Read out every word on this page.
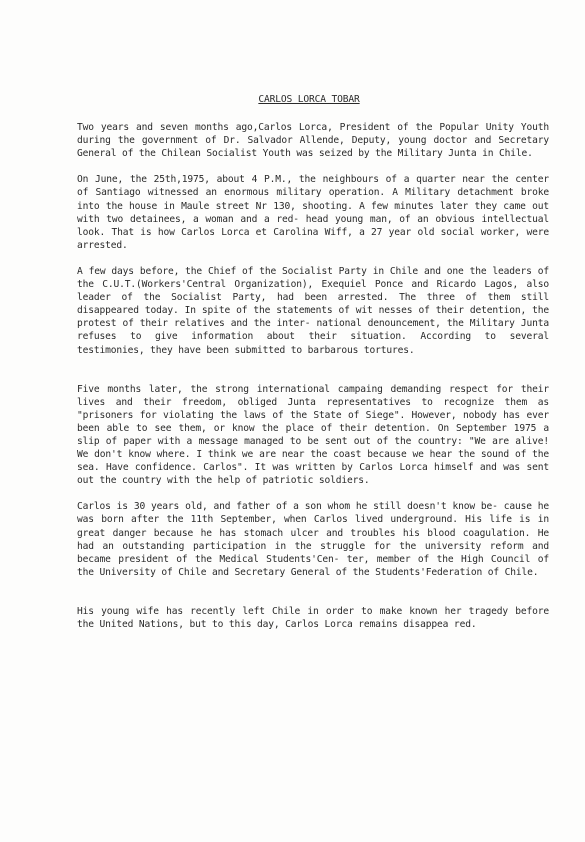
CARLOS LORCA TOBAR

Two years and seven months ago,Carlos Lorca, President of the Popular Unity Youth during the government of Dr. Salvador Allende, Deputy, young doctor and Secretary General of the Chilean Socialist Youth was seized by the Military Junta in Chile.

On June, the 25th,1975, about 4 P.M., the neighbours of a quarter near the center of Santiago witnessed an enormous military operation. A Military detachment broke into the house in Maule street Nr 130, shooting. A few minutes later they came out with two detainees, a woman and a red- head young man, of an obvious intellectual look. That is how Carlos Lorca et Carolina Wiff, a 27 year old social worker, were arrested.

A few days before, the Chief of the Socialist Party in Chile and one the leaders of the C.U.T.(Workers'Central Organization), Exequiel Ponce and Ricardo Lagos, also leader of the Socialist Party, had been arrested. The three of them still disappeared today. In spite of the statements of wit nesses of their detention, the protest of their relatives and the inter- national denouncement, the Military Junta refuses to give information about their situation. According to several testimonies, they have been submitted to barbarous tortures.

Five months later, the strong international campaing demanding respect for their lives and their freedom, obliged Junta representatives to recognize them as "prisoners for violating the laws of the State of Siege". However, nobody has ever been able to see them, or know the place of their detention. On September 1975 a slip of paper with a message managed to be sent out of the country: "We are alive! We don't know where. I think we are near the coast because we hear the sound of the sea. Have confidence. Carlos". It was written by Carlos Lorca himself and was sent out the country with the help of patriotic soldiers.

Carlos is 30 years old, and father of a son whom he still doesn't know be- cause he was born after the 11th September, when Carlos lived underground. His life is in great danger because he has stomach ulcer and troubles his blood coagulation. He had an outstanding participation in the struggle for the university reform and became president of the Medical Students'Cen- ter, member of the High Council of the University of Chile and Secretary General of the Students'Federation of Chile.

His young wife has recently left Chile in order to make known her tragedy before the United Nations, but to this day, Carlos Lorca remains disappea red.
